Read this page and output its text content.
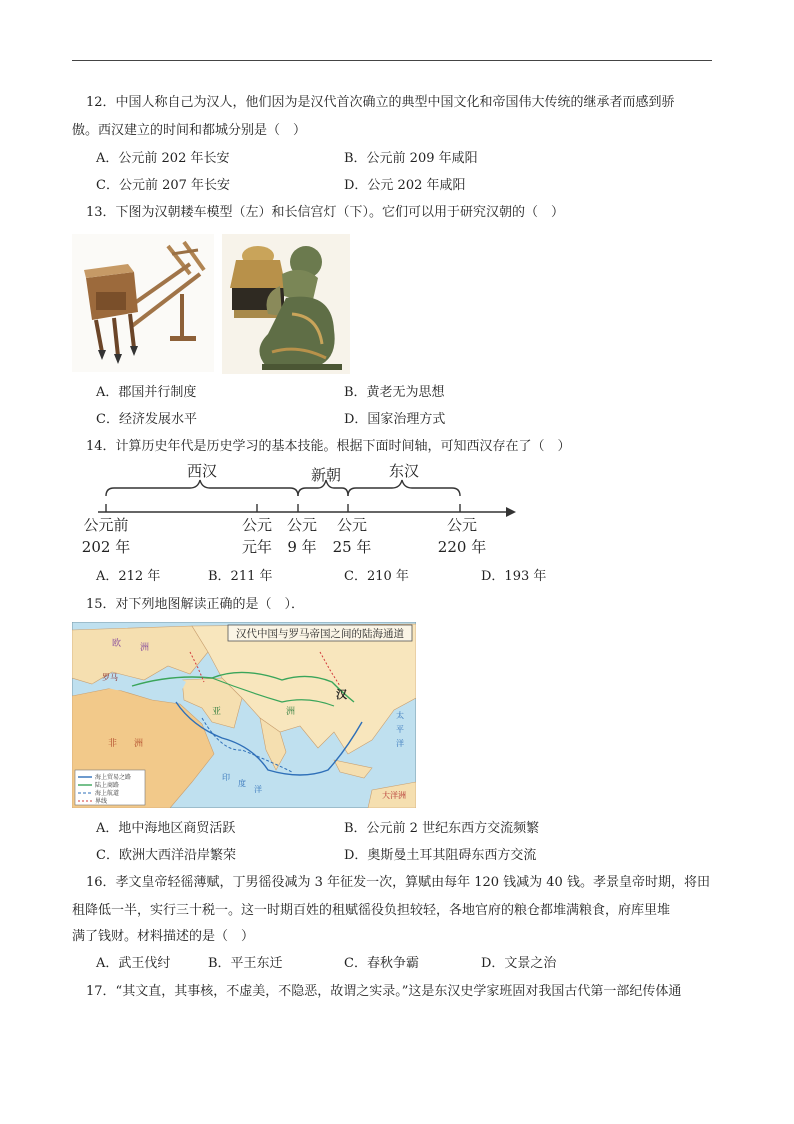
12．中国人称自己为汉人，他们因为是汉代首次确立的典型中国文化和帝国伟大传统的继承者而感到骄
傲。西汉建立的时间和都城分别是（　）
A．公元前 202 年长安	B．公元前 209 年咸阳
C．公元前 207 年长安	D．公元 202 年咸阳
13．下图为汉朝耧车模型（左）和长信宫灯（下）。它们可以用于研究汉朝的（　）
A．郡国并行制度	B．黄老无为思想
C．经济发展水平	D．国家治理方式
14．计算历史年代是历史学习的基本技能。根据下面时间轴，可知西汉存在了（　）
西汉	新朝	东汉
公元前
202 年
公元
元年
公元
9 年
公元
25 年
公元
220 年
A．212 年	B．211 年	C．210 年	D．193 年
15．对下列地图解读正确的是（　）．
汉代中国与罗马帝国之间的陆海通道
欧 洲
罗马
非 洲
亚	洲
汉
大洋洲
太
平
洋
印
度
洋
海上贸易之路
陆上商路
海上航道
界线
A．地中海地区商贸活跃	B．公元前 2 世纪东西方交流频繁
C．欧洲大西洋沿岸繁荣	D．奥斯曼土耳其阻碍东西方交流
16．孝文皇帝轻徭薄赋，丁男徭役减为 3 年征发一次，算赋由每年 120 钱减为 40 钱。孝景皇帝时期，将田
租降低一半，实行三十税一。这一时期百姓的租赋徭役负担较轻，各地官府的粮仓都堆满粮食，府库里堆
满了钱财。材料描述的是（　）
A．武王伐纣	B．平王东迁	C．春秋争霸	D．文景之治
17．“其文直，其事核，不虚美，不隐恶，故谓之实录。”这是东汉史学家班固对我国古代第一部纪传体通
